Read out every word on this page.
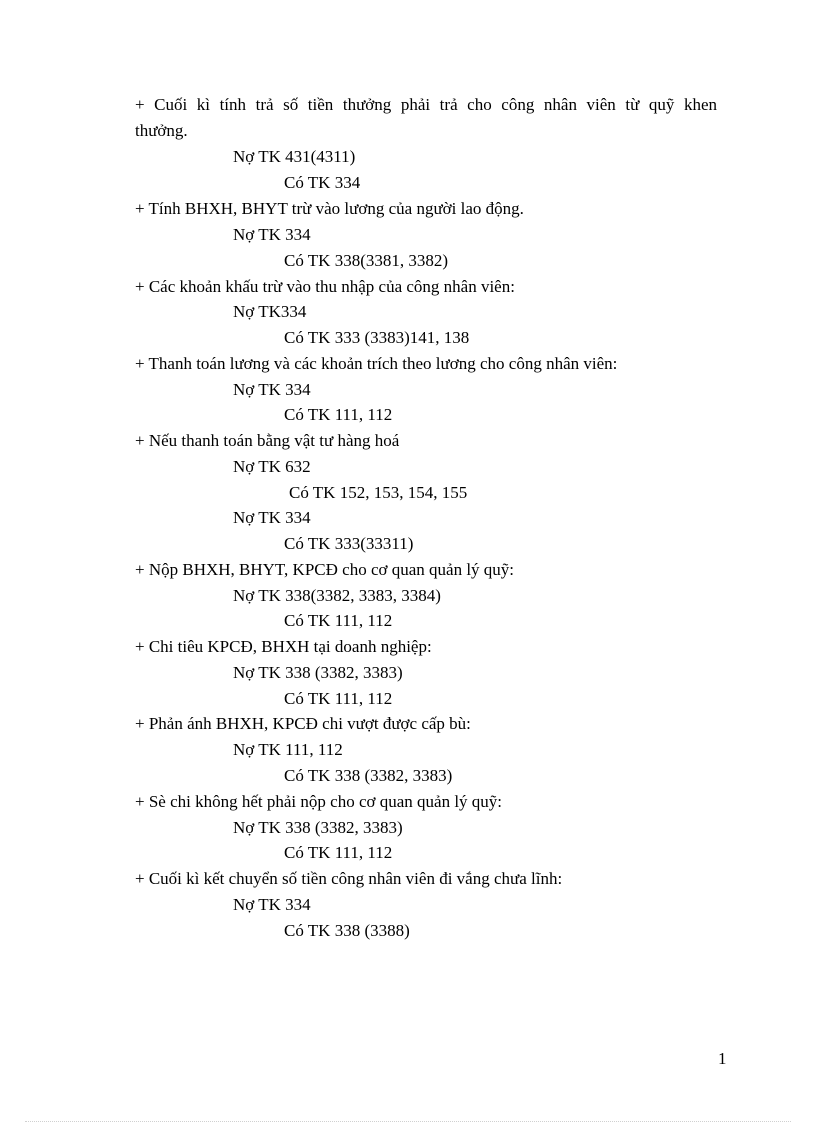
+ Cuối kì tính trả số tiền thưởng phải trả cho công nhân viên từ quỹ khen
thưởng.
Nợ TK 431(4311)
Có TK 334
+ Tính BHXH, BHYT trừ vào lương của người lao động.
Nợ TK 334
Có TK 338(3381, 3382)
+ Các khoản khấu trừ vào thu nhập của công nhân viên:
Nợ TK334
Có TK 333 (3383)141, 138
+ Thanh toán lương và các khoản trích theo lương cho công nhân viên:
Nợ TK 334
Có TK 111, 112
+ Nếu thanh toán bằng vật tư hàng hoá
Nợ TK 632
Có TK 152, 153, 154, 155
Nợ TK 334
Có TK 333(33311)
+ Nộp BHXH, BHYT, KPCĐ cho cơ quan quản lý quỹ:
Nợ TK 338(3382, 3383, 3384)
Có TK 111, 112
+ Chi tiêu KPCĐ, BHXH tại doanh nghiệp:
Nợ TK 338 (3382, 3383)
Có TK 111, 112
+ Phản ánh BHXH, KPCĐ chi vượt được cấp bù:
Nợ TK 111, 112
Có TK 338 (3382, 3383)
+ Sè chi không hết phải nộp cho cơ quan quản lý quỹ:
Nợ TK 338 (3382, 3383)
Có TK 111, 112
+ Cuối kì kết chuyển số tiền công nhân viên đi vắng chưa lĩnh:
Nợ TK 334
Có TK 338 (3388)
1
